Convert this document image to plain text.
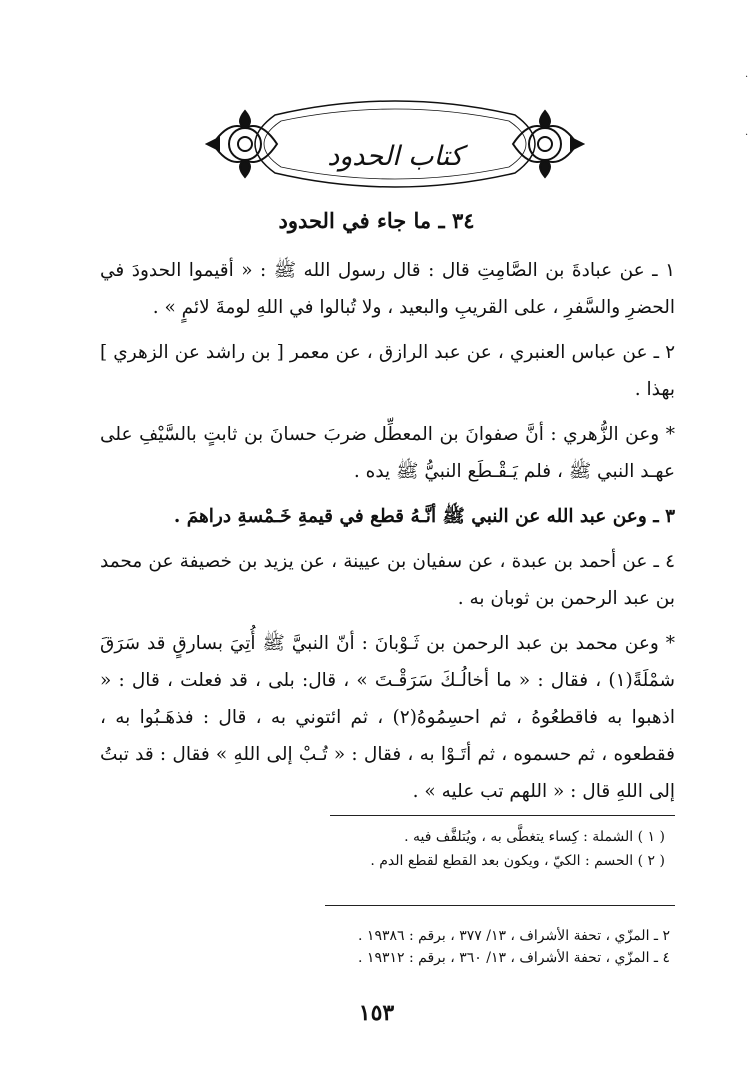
كتاب الحدود
٣٤ ـ ما جاء في الحدود

١ ـ عن عبادةَ بن الصَّامِتِ قال : قال رسول الله ﷺ : « أقيموا الحدودَ في الحضرِ والسَّفرِ ، على القريبِ والبعيد ، ولا تُبالوا في اللهِ لومةَ لائمٍ » .

٢ ـ عن عباس العنبري ، عن عبد الرازق ، عن معمر [ بن راشد عن الزهري ] بهذا .

* وعن الزُّهري : أنَّ صفوانَ بن المعطِّل ضربَ حسانَ بن ثابتٍ بالسَّيْفِ على عهـد النبي ﷺ ، فلم يَـقْـطَع النبيُّ ﷺ يده .

٣ ـ وعن عبد الله عن النبي ﷺ أنَّـهُ قطع في قيمةِ خَـمْسةِ دراهمَ .

٤ ـ عن أحمد بن عبدة ، عن سفيان بن عيينة ، عن يزيد بن خصيفة عن محمد بن عبد الرحمن بن ثوبان به .

* وعن محمد بن عبد الرحمن بن ثَـوْبانَ : أنّ النبيَّ ﷺ أُتِيَ بسارقٍ قد سَرَقَ شمْلَةً(١) ، فقال : « ما أخالُـكَ سَرَقْـتَ » ، قال: بلى ، قد فعلت ، قال : « اذهبوا به فاقطعُوهُ ، ثم احسِمُوهُ(٢) ، ثم ائتوني به ، قال : فذهَـبُوا به ، فقطعوه ، ثم حسموه ، ثم أتَـوْا به ، فقال : « تُـبْ إلى اللهِ » فقال : قد تبتُ إلى اللهِ قال : « اللهم تب عليه » .

( ١ ) الشملة : كِساء يتغطَّى به ، ويُتلفَّف فيه .
( ٢ ) الحسم : الكيّ ، ويكون بعد القطع لقطع الدم .
٢ ـ المزّي ، تحفة الأشراف ، ١٣/ ٣٧٧ ، برقم : ١٩٣٨٦ .
٤ ـ المزّي ، تحفة الأشراف ، ١٣/ ٣٦٠ ، برقم : ١٩٣١٢ .
١٥٣
·
·
